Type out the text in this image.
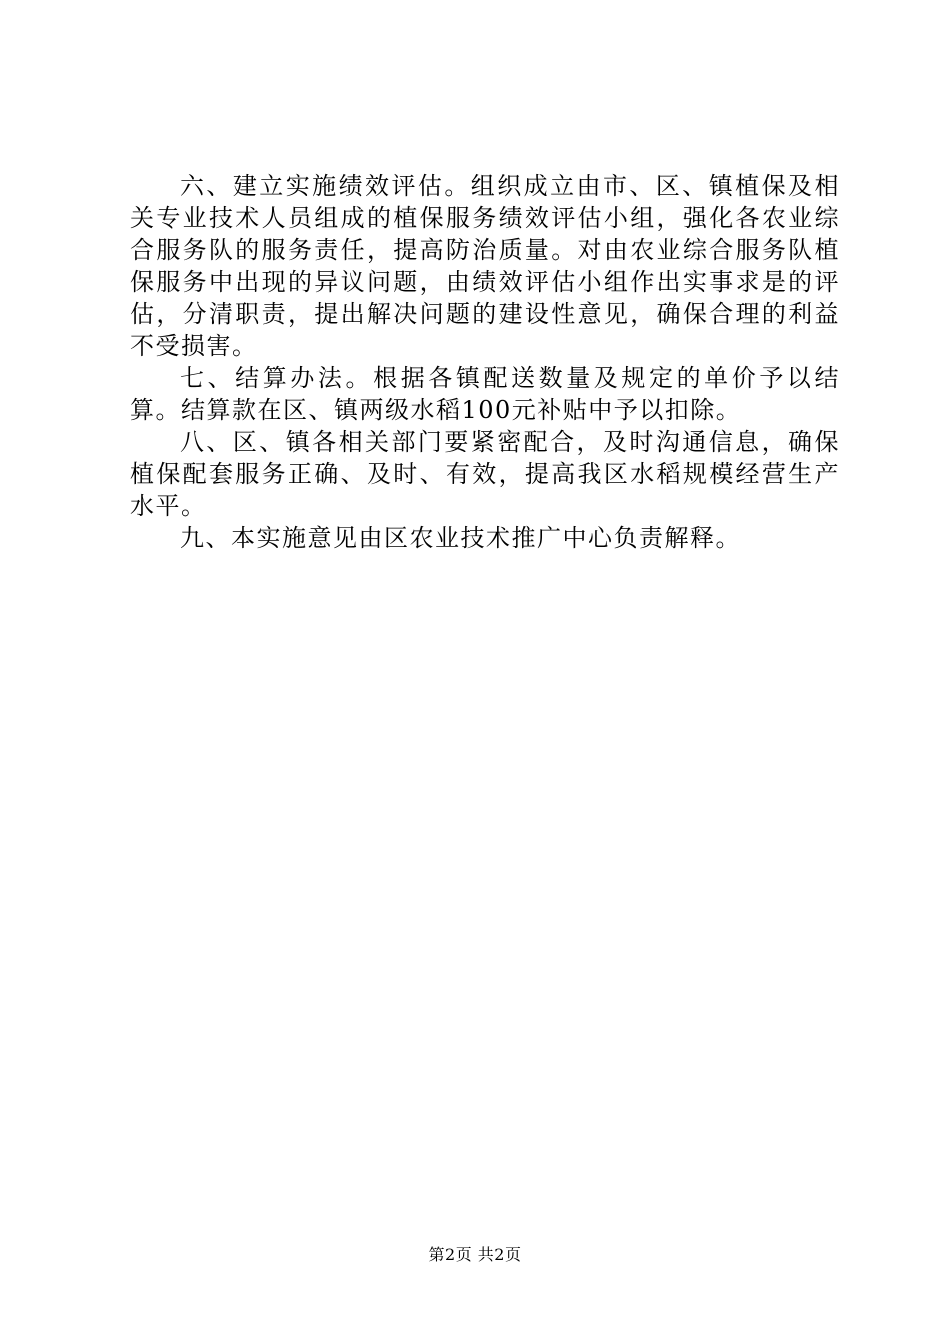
六、建立实施绩效评估。组织成立由市、区、镇植保及相关专业技术人员组成的植保服务绩效评估小组，强化各农业综合服务队的服务责任，提高防治质量。对由农业综合服务队植保服务中出现的异议问题，由绩效评估小组作出实事求是的评估，分清职责，提出解决问题的建设性意见，确保合理的利益不受损害。

七、结算办法。根据各镇配送数量及规定的单价予以结算。结算款在区、镇两级水稻100元补贴中予以扣除。

八、区、镇各相关部门要紧密配合，及时沟通信息，确保植保配套服务正确、及时、有效，提高我区水稻规模经营生产水平。

九、本实施意见由区农业技术推广中心负责解释。

第2页 共2页
